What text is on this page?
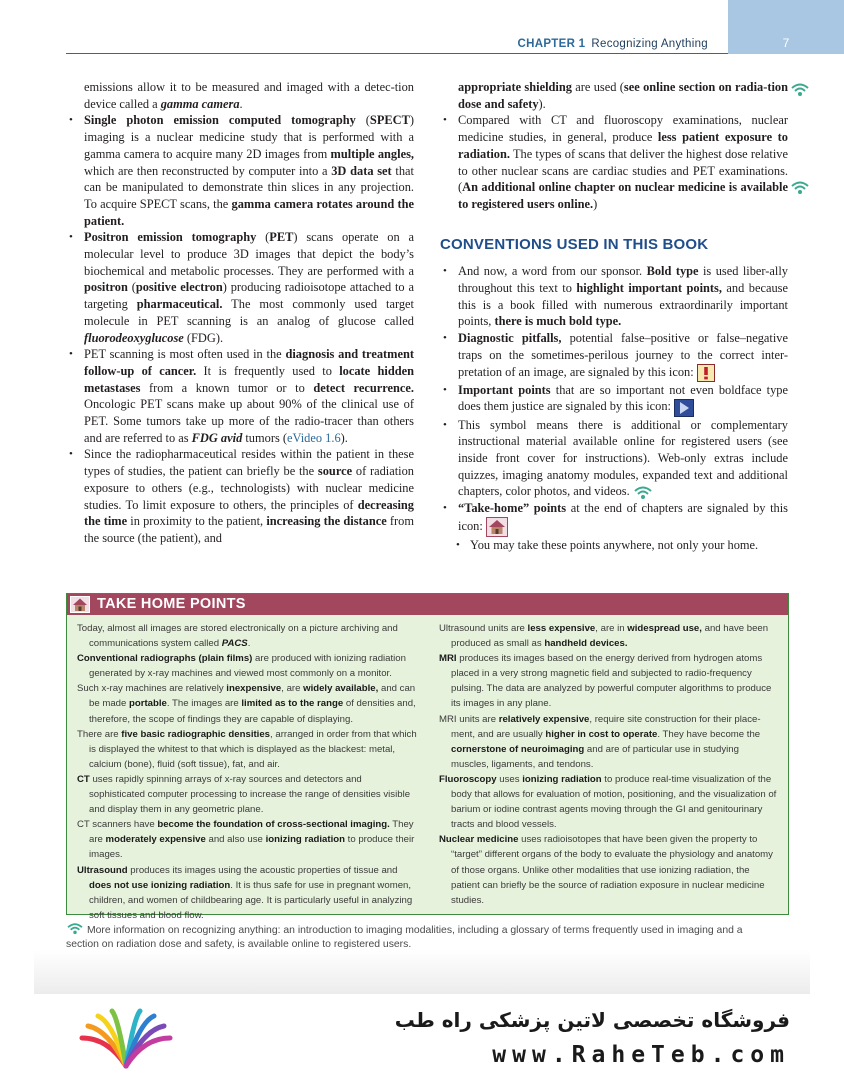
7
CHAPTER 1 Recognizing Anything

emissions allow it to be measured and imaged with a detec-tion device called a gamma camera.

• Single photon emission computed tomography (SPECT) imaging is a nuclear medicine study that is performed with a gamma camera to acquire many 2D images from multiple angles, which are then reconstructed by computer into a 3D data set that can be manipulated to demonstrate thin slices in any projection. To acquire SPECT scans, the gamma camera rotates around the patient.
• Positron emission tomography (PET) scans operate on a molecular level to produce 3D images that depict the body’s biochemical and metabolic processes. They are performed with a positron (positive electron) producing radioisotope attached to a targeting pharmaceutical. The most commonly used target molecule in PET scanning is an analog of glucose called fluorodeoxyglucose (FDG).
• PET scanning is most often used in the diagnosis and treatment follow-up of cancer. It is frequently used to locate hidden metastases from a known tumor or to detect recurrence. Oncologic PET scans make up about 90% of the clinical use of PET. Some tumors take up more of the radio-tracer than others and are referred to as FDG avid tumors (eVideo 1.6).
• Since the radiopharmaceutical resides within the patient in these types of studies, the patient can briefly be the source of radiation exposure to others (e.g., technologists) with nuclear medicine studies. To limit exposure to others, the principles of decreasing the time in proximity to the patient, increasing the distance from the source (the patient), and

appropriate shielding are used (see online section on radia-tion dose and safety).

• Compared with CT and fluoroscopy examinations, nuclear medicine studies, in general, produce less patient exposure to radiation. The types of scans that deliver the highest dose relative to other nuclear scans are cardiac studies and PET examinations. (An additional online chapter on nuclear medicine is available to registered users online.)
CONVENTIONS USED IN THIS BOOK
• And now, a word from our sponsor. Bold type is used liber-ally throughout this text to highlight important points, and because this is a book filled with numerous extraordinarily important points, there is much bold type.
• Diagnostic pitfalls, potential false–positive or false–negative traps on the sometimes-perilous journey to the correct inter-pretation of an image, are signaled by this icon:
• Important points that are so important not even boldface type does them justice are signaled by this icon:
• This symbol means there is additional or complementary instructional material available online for registered users (see inside front cover for instructions). Web-only extras include quizzes, imaging anatomy modules, expanded text and additional chapters, color photos, and videos.
• “Take-home” points at the end of chapters are signaled by this icon:
• You may take these points anywhere, not only your home.
TAKE HOME POINTS

Today, almost all images are stored electronically on a picture archiving and communications system called PACS.

Conventional radiographs (plain films) are produced with ionizing radiation generated by x-ray machines and viewed most commonly on a monitor.

Such x-ray machines are relatively inexpensive, are widely available, and can be made portable. The images are limited as to the range of densities and, therefore, the scope of findings they are capable of displaying.

There are five basic radiographic densities, arranged in order from that which is displayed the whitest to that which is displayed as the blackest: metal, calcium (bone), fluid (soft tissue), fat, and air.

CT uses rapidly spinning arrays of x-ray sources and detectors and sophisticated computer processing to increase the range of densities visible and display them in any geometric plane.

CT scanners have become the foundation of cross-sectional imaging. They are moderately expensive and also use ionizing radiation to produce their images.

Ultrasound produces its images using the acoustic properties of tissue and does not use ionizing radiation. It is thus safe for use in pregnant women, children, and women of childbearing age. It is particularly useful in analyzing soft tissues and blood flow.

Ultrasound units are less expensive, are in widespread use, and have been produced as small as handheld devices.

MRI produces its images based on the energy derived from hydrogen atoms placed in a very strong magnetic field and subjected to radio-frequency pulsing. The data are analyzed by powerful computer algorithms to produce its images in any plane.

MRI units are relatively expensive, require site construction for their place-ment, and are usually higher in cost to operate. They have become the cornerstone of neuroimaging and are of particular use in studying muscles, ligaments, and tendons.

Fluoroscopy uses ionizing radiation to produce real-time visualization of the body that allows for evaluation of motion, positioning, and the visualization of barium or iodine contrast agents moving through the GI and genitourinary tracts and blood vessels.

Nuclear medicine uses radioisotopes that have been given the property to “target” different organs of the body to evaluate the physiology and anatomy of those organs. Unlike other modalities that use ionizing radiation, the patient can briefly be the source of radiation exposure in nuclear medicine studies.

More information on recognizing anything: an introduction to imaging modalities, including a glossary of terms frequently used in imaging and a section on radiation dose and safety, is available online to registered users.
فروشگاه تخصصی لاتین پزشکی راه طب
www.RaheTeb.com
